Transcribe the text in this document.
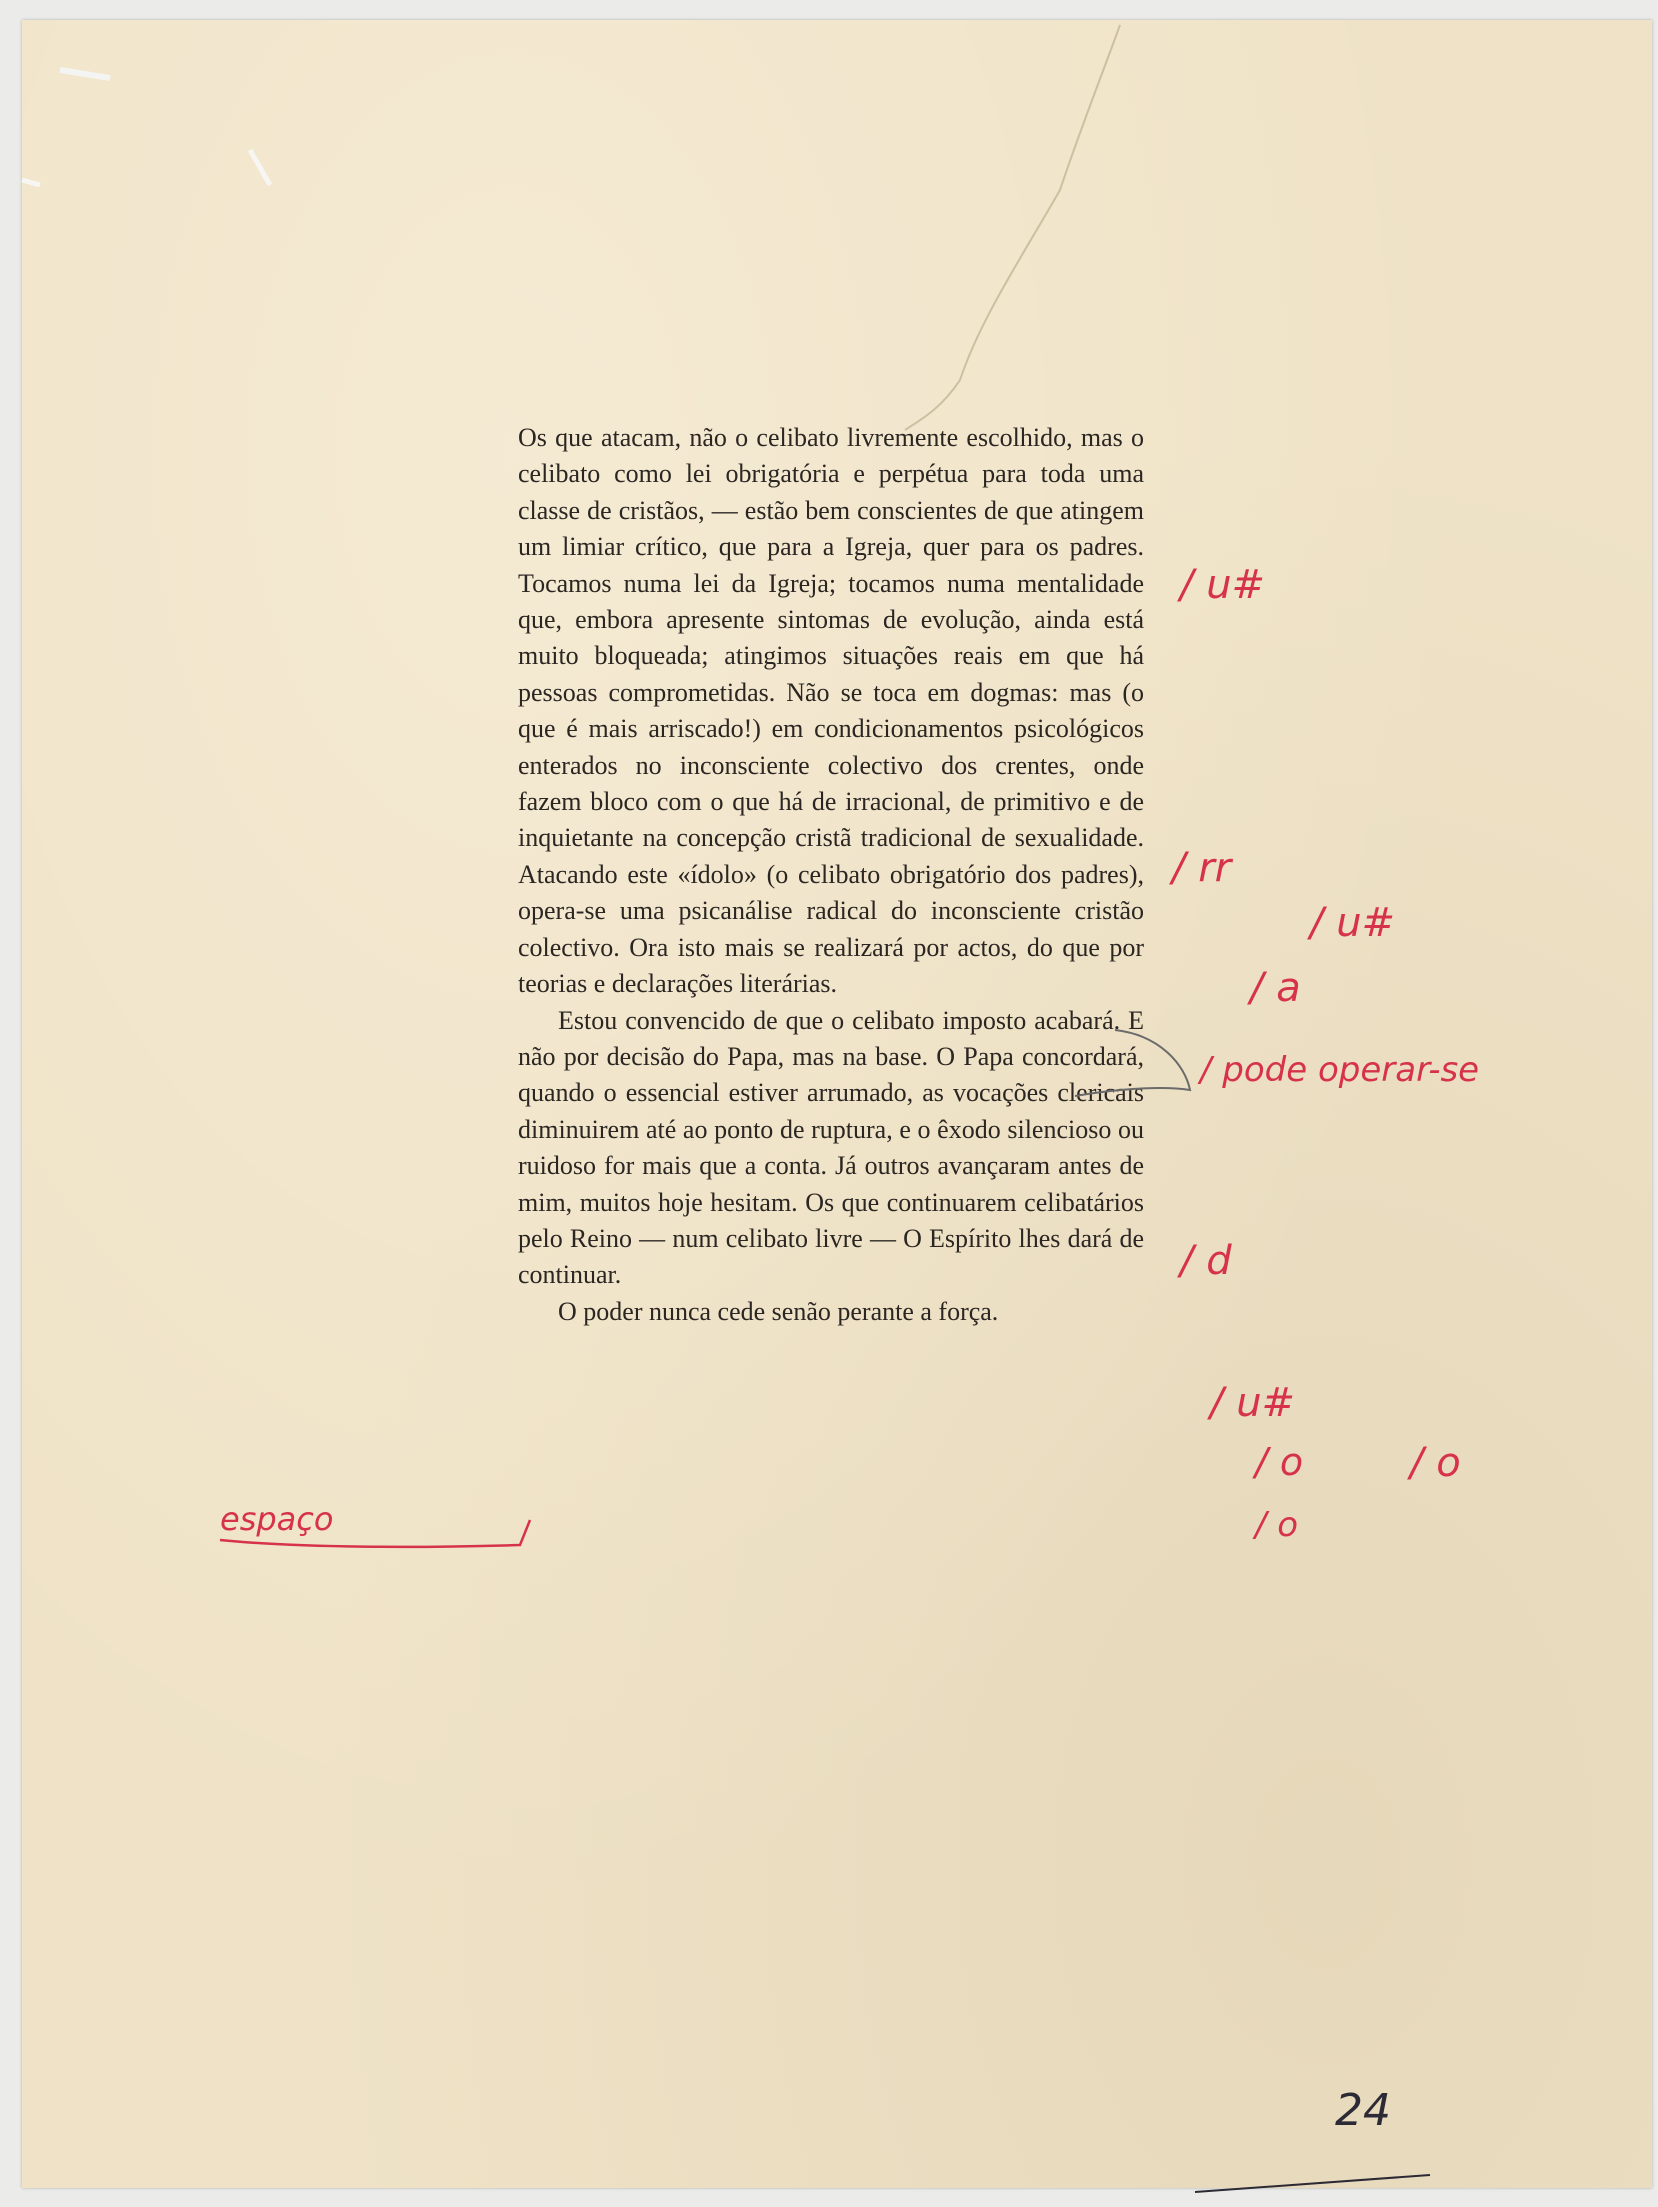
Os que atacam, não o celibato livremente escolhido, mas o celibato como lei obrigatória e perpétua para toda uma classe de cristãos, — estão bem conscientes de que atingem um limiar crítico, que para a Igreja, quer para os padres. Tocamos numa lei da Igreja; tocamos numa mentalidade que, embora apresente sintomas de evolução, ainda está muito bloqueada; atingimos situações reais em que há pessoas comprometidas. Não se toca em dogmas: mas (o que é mais arriscado!) em condicionamentos psicológicos enterados no inconsciente colectivo dos crentes, onde fazem bloco com o que há de irracional, de primitivo e de inquietante na concepção cristã tradicional de sexualidade. Atacando este «ídolo» (o celibato obrigatório dos padres), opera-se uma psicanálise radical do inconsciente cristão colectivo. Ora isto mais se realizará por actos, do que por teorias e declarações literárias.

Estou convencido de que o celibato imposto acabará. E não por decisão do Papa, mas na base. O Papa concordará, quando o essencial estiver arrumado, as vocações clericais diminuirem até ao ponto de ruptura, e o êxodo silencioso ou ruidoso for mais que a conta. Já outros avançaram antes de mim, muitos hoje hesitam. Os que continuarem celibatários pelo Reino — num celibato livre — O Espírito lhes dará de continuar.

O poder nunca cede senão perante a força.

/ u#
/ rr
/ u#
/ a
/ pode operar-se
/ d
/ u#
/ o	/ o
/ o
espaço
24
